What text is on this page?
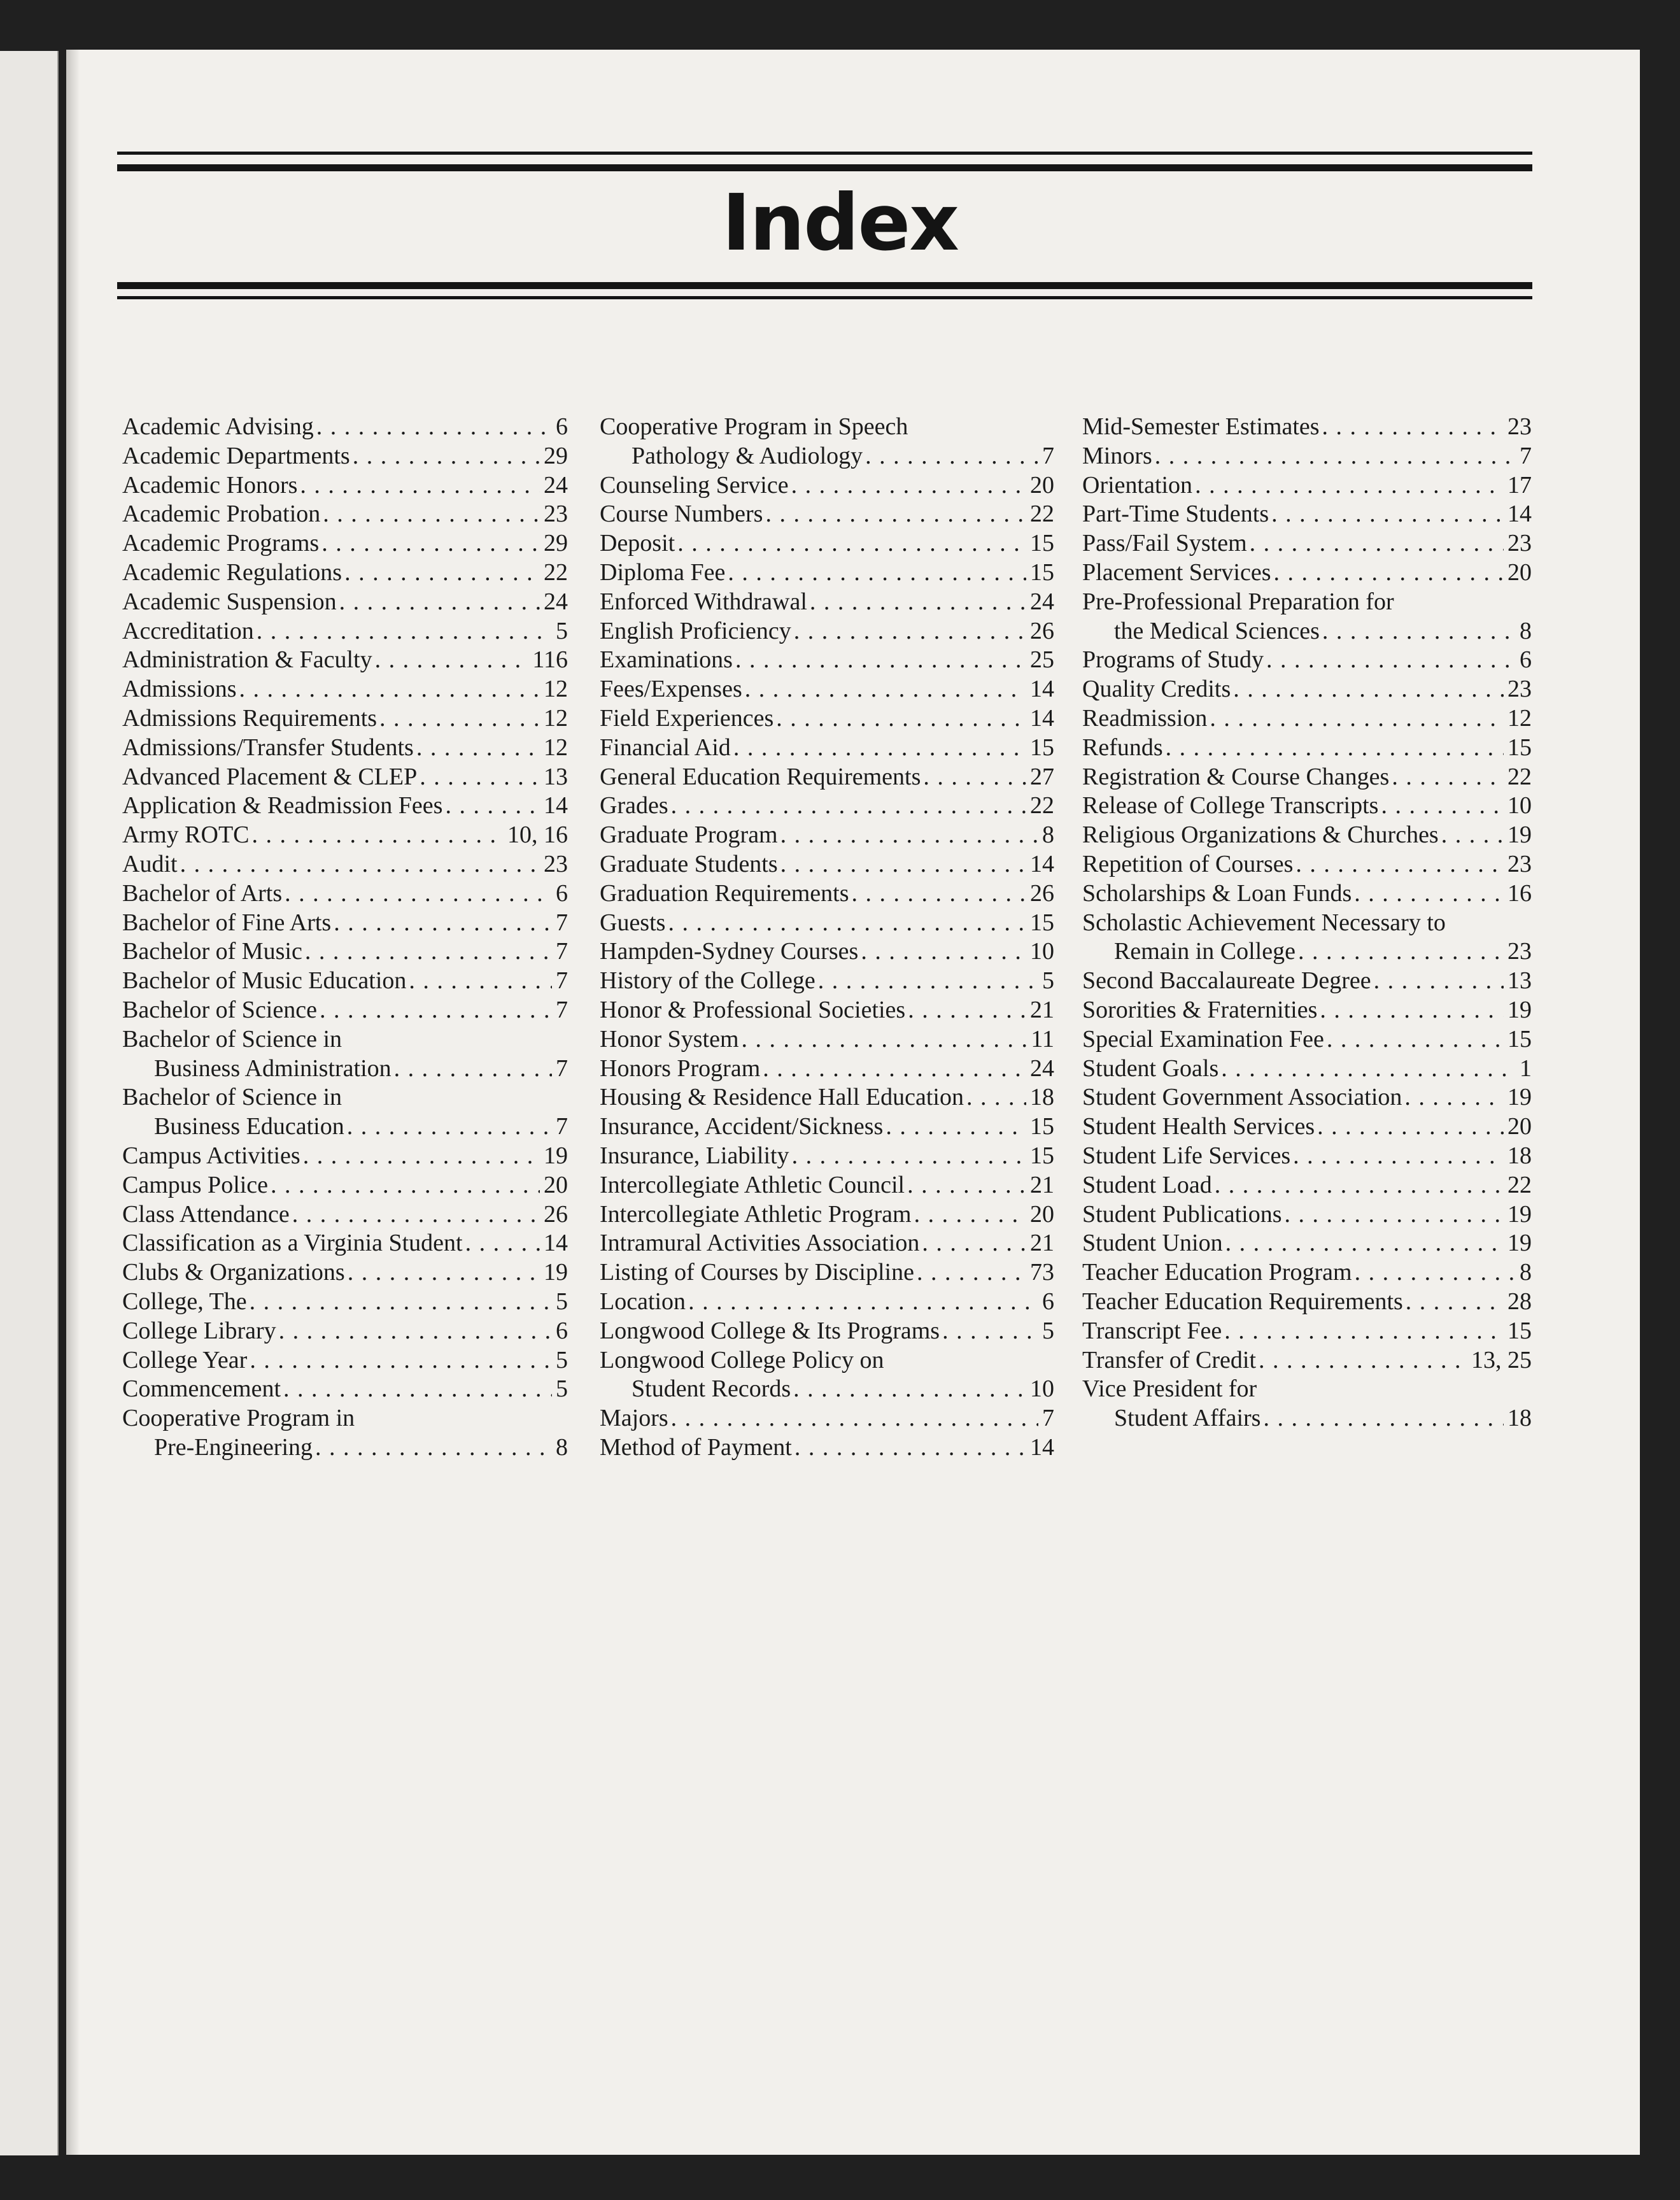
Index
Academic Advising . . .	6
Academic Departments . . .	29
Academic Honors . . .	24
Academic Probation . . .	23
Academic Programs . . .	29
Academic Regulations . . .	22
Academic Suspension . . .	24
Accreditation . . .	5
Administration & Faculty . . .	116
Admissions . . .	12
Admissions Requirements . . .	12
Admissions/Transfer Students . . .	12
Advanced Placement & CLEP . . .	13
Application & Readmission Fees . . .	14
Army ROTC . . .	10, 16
Audit . . .	23
Bachelor of Arts . . .	6
Bachelor of Fine Arts . . .	7
Bachelor of Music . . .	7
Bachelor of Music Education . . .	7
Bachelor of Science . . .	7
Bachelor of Science in
Business Administration . . .	7
Bachelor of Science in
Business Education . . .	7
Campus Activities . . .	19
Campus Police . . .	20
Class Attendance . . .	26
Classification as a Virginia Student . . .	14
Clubs & Organizations . . .	19
College, The . . .	5
College Library . . .	6
College Year . . .	5
Commencement . . .	5
Cooperative Program in
Pre-Engineering . . .	8
Cooperative Program in Speech
Pathology & Audiology . . .	7
Counseling Service . . .	20
Course Numbers . . .	22
Deposit . . .	15
Diploma Fee . . .	15
Enforced Withdrawal . . .	24
English Proficiency . . .	26
Examinations . . .	25
Fees/Expenses . . .	14
Field Experiences . . .	14
Financial Aid . . .	15
General Education Requirements . . .	27
Grades . . .	22
Graduate Program . . .	8
Graduate Students . . .	14
Graduation Requirements . . .	26
Guests . . .	15
Hampden-Sydney Courses . . .	10
History of the College . . .	5
Honor & Professional Societies . . .	21
Honor System . . .	11
Honors Program . . .	24
Housing & Residence Hall Education . . .	18
Insurance, Accident/Sickness . . .	15
Insurance, Liability . . .	15
Intercollegiate Athletic Council . . .	21
Intercollegiate Athletic Program . . .	20
Intramural Activities Association . . .	21
Listing of Courses by Discipline . . .	73
Location . . .	6
Longwood College & Its Programs . . .	5
Longwood College Policy on
Student Records . . .	10
Majors . . .	7
Method of Payment . . .	14
Mid-Semester Estimates . . .	23
Minors . . .	7
Orientation . . .	17
Part-Time Students . . .	14
Pass/Fail System . . .	23
Placement Services . . .	20
Pre-Professional Preparation for
the Medical Sciences . . .	8
Programs of Study . . .	6
Quality Credits . . .	23
Readmission . . .	12
Refunds . . .	15
Registration & Course Changes . . .	22
Release of College Transcripts . . .	10
Religious Organizations & Churches . . .	19
Repetition of Courses . . .	23
Scholarships & Loan Funds . . .	16
Scholastic Achievement Necessary to
Remain in College . . .	23
Second Baccalaureate Degree . . .	13
Sororities & Fraternities . . .	19
Special Examination Fee . . .	15
Student Goals . . .	1
Student Government Association . . .	19
Student Health Services . . .	20
Student Life Services . . .	18
Student Load . . .	22
Student Publications . . .	19
Student Union . . .	19
Teacher Education Program . . .	8
Teacher Education Requirements . . .	28
Transcript Fee . . .	15
Transfer of Credit . . .	13, 25
Vice President for
Student Affairs . . .	18
